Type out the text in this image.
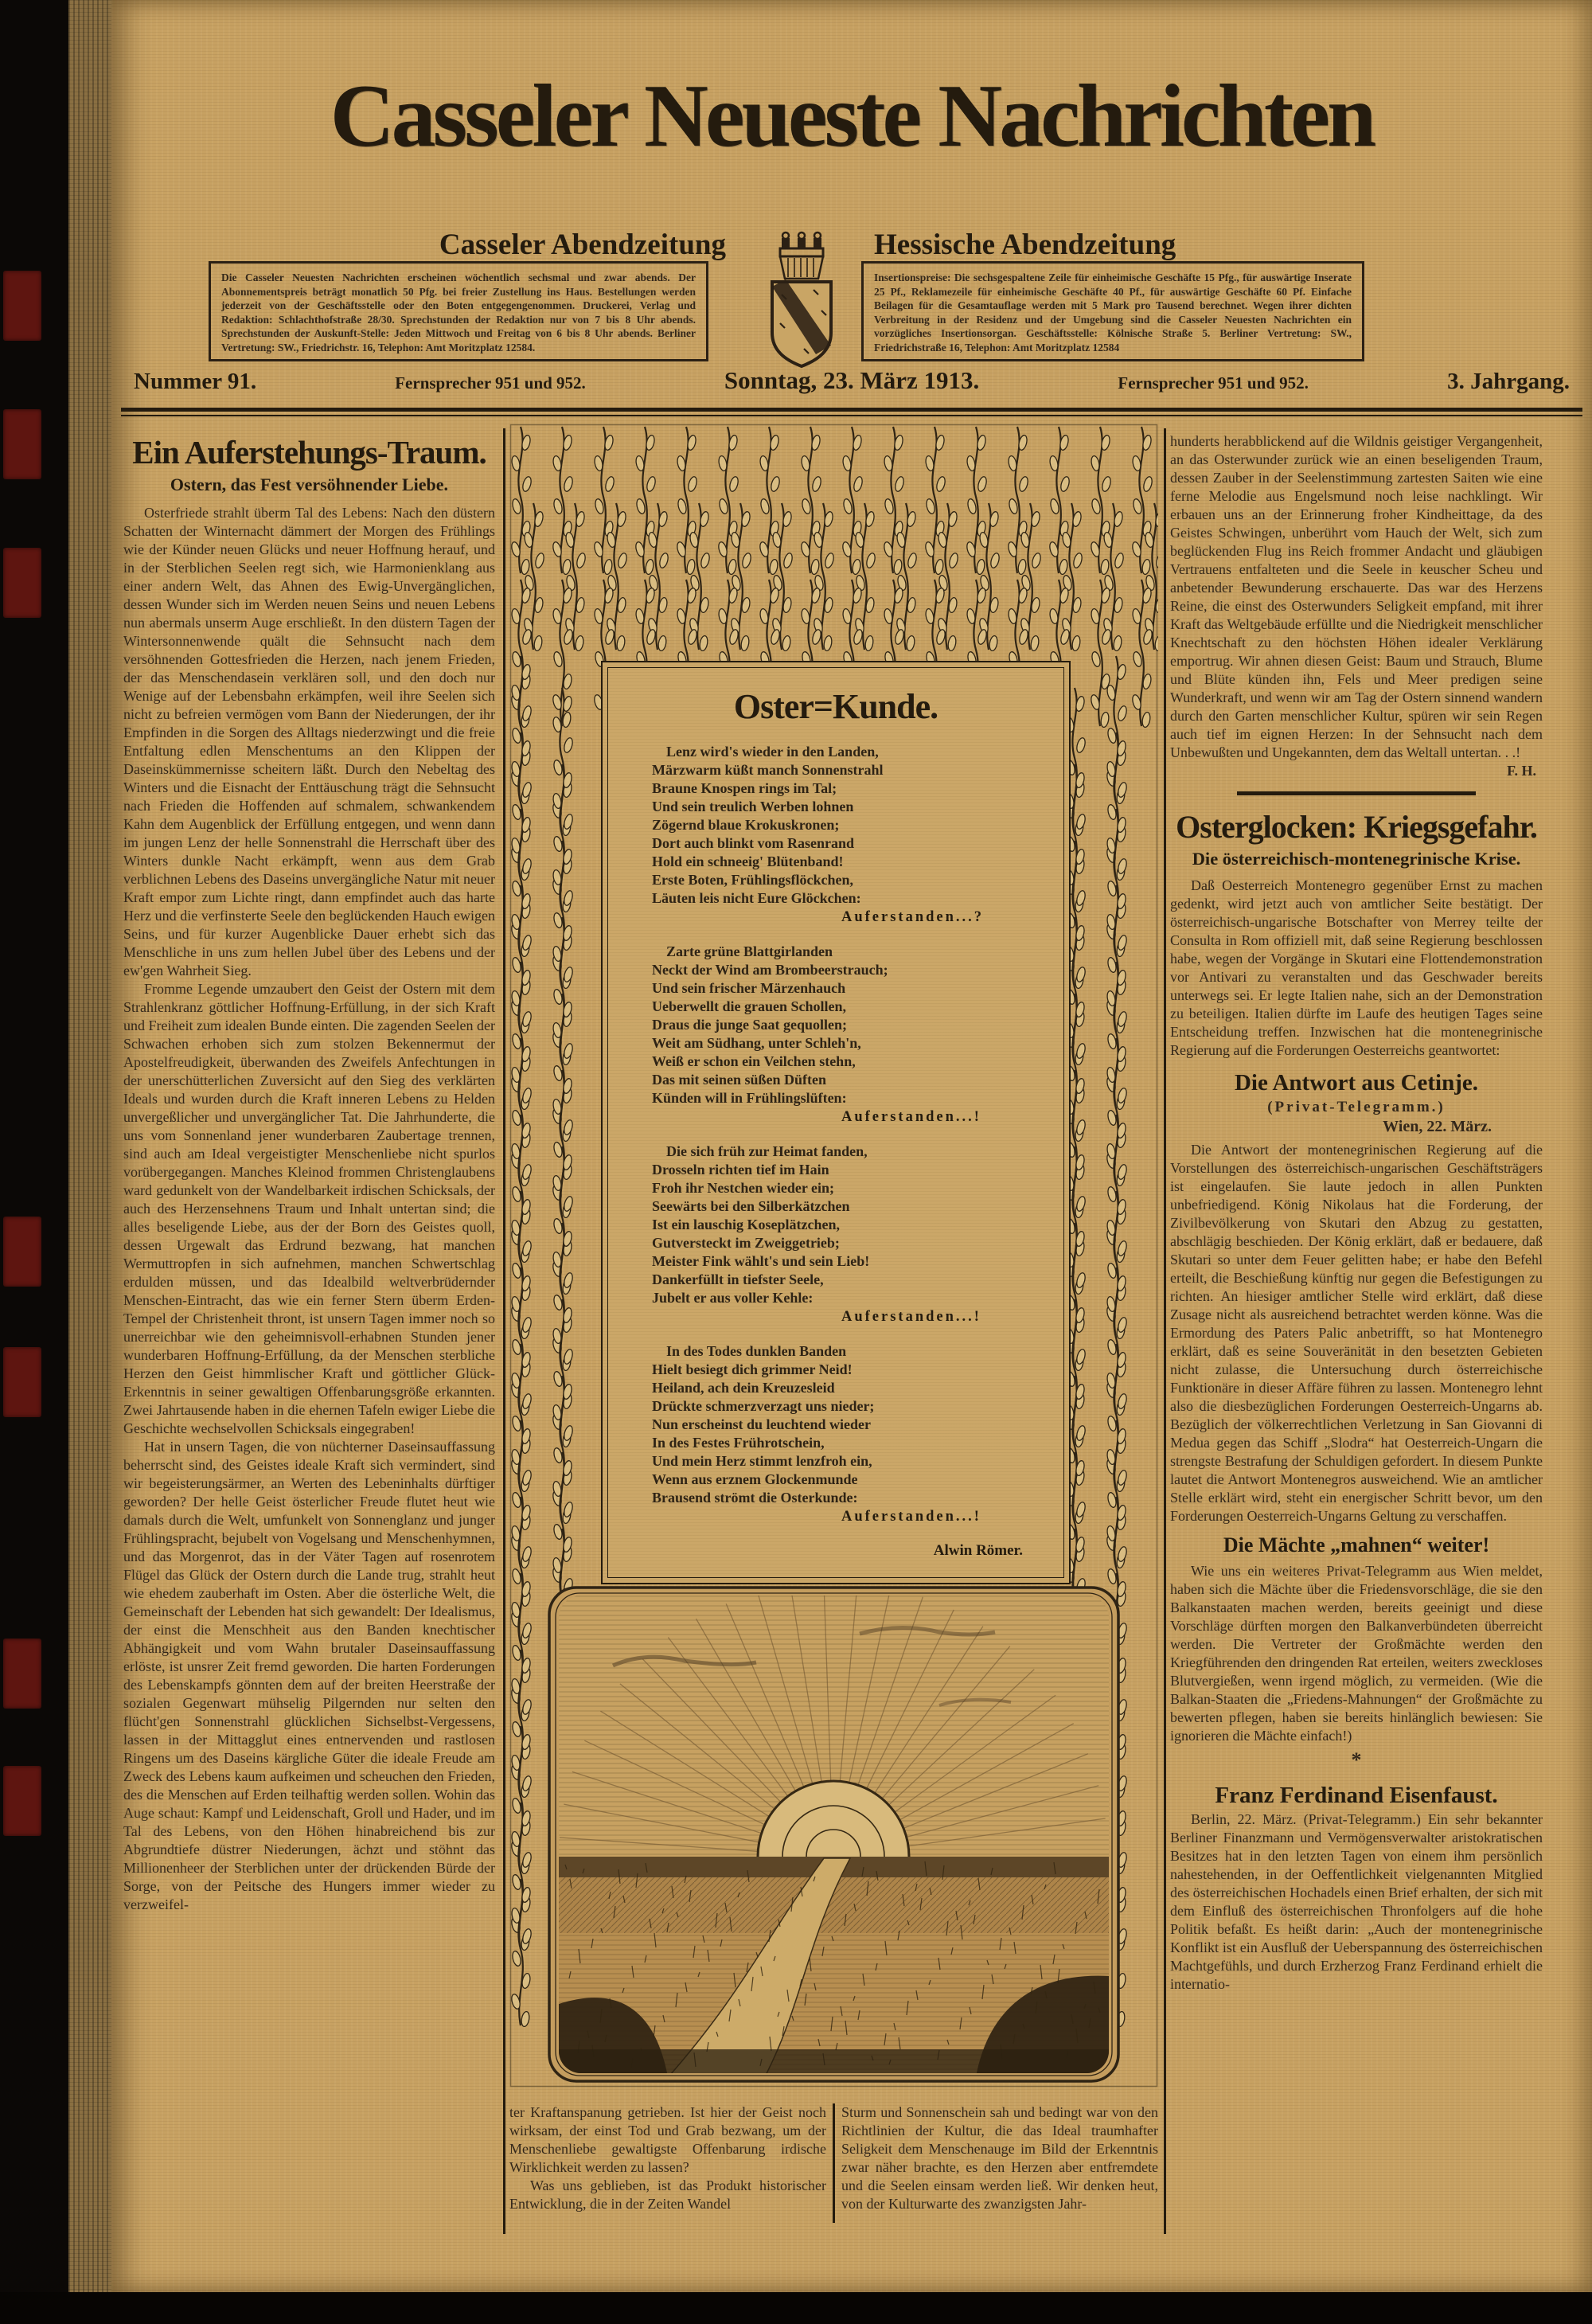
Casseler Neueste Nachrichten
Casseler Abendzeitung	Hessische Abendzeitung
Die Casseler Neuesten Nachrichten erscheinen wöchentlich sechsmal und zwar abends. Der Abonnementspreis beträgt monatlich 50 Pfg. bei freier Zustellung ins Haus. Bestellungen werden jederzeit von der Geschäftsstelle oder den Boten entgegengenommen. Druckerei, Verlag und Redaktion: Schlachthofstraße 28/30. Sprechstunden der Redaktion nur von 7 bis 8 Uhr abends. Sprechstunden der Auskunft-Stelle: Jeden Mittwoch und Freitag von 6 bis 8 Uhr abends. Berliner Vertretung: SW., Friedrichstr. 16, Telephon: Amt Moritzplatz 12584.
Insertionspreise: Die sechsgespaltene Zeile für einheimische Geschäfte 15 Pfg., für auswärtige Inserate 25 Pf., Reklamezeile für einheimische Geschäfte 40 Pf., für auswärtige Geschäfte 60 Pf. Einfache Beilagen für die Gesamtauflage werden mit 5 Mark pro Tausend berechnet. Wegen ihrer dichten Verbreitung in der Residenz und der Umgebung sind die Casseler Neuesten Nachrichten ein vorzügliches Insertionsorgan. Geschäftsstelle: Kölnische Straße 5. Berliner Vertretung: SW., Friedrichstraße 16, Telephon: Amt Moritzplatz 12584
Nummer 91.	Fernsprecher 951 und 952.	Sonntag, 23. März 1913.	Fernsprecher 951 und 952.	3. Jahrgang.
Ein Auferstehungs-Traum.
Ostern, das Fest versöhnender Liebe.

Osterfriede strahlt überm Tal des Lebens: Nach den düstern Schatten der Winternacht dämmert der Morgen des Frühlings wie der Künder neuen Glücks und neuer Hoffnung herauf, und in der Sterblichen Seelen regt sich, wie Harmonienklang aus einer andern Welt, das Ahnen des Ewig-Unvergänglichen, dessen Wunder sich im Werden neuen Seins und neuen Lebens nun abermals unserm Auge erschließt. In den düstern Tagen der Wintersonnenwende quält die Sehnsucht nach dem versöhnenden Gottesfrieden die Herzen, nach jenem Frieden, der das Menschendasein verklären soll, und den doch nur Wenige auf der Lebensbahn erkämpfen, weil ihre Seelen sich nicht zu befreien vermögen vom Bann der Niederungen, der ihr Empfinden in die Sorgen des Alltags niederzwingt und die freie Entfaltung edlen Menschentums an den Klippen der Daseinskümmernisse scheitern läßt. Durch den Nebeltag des Winters und die Eisnacht der Enttäuschung trägt die Sehnsucht nach Frieden die Hoffenden auf schmalem, schwankendem Kahn dem Augenblick der Erfüllung entgegen, und wenn dann im jungen Lenz der helle Sonnenstrahl die Herrschaft über des Winters dunkle Nacht erkämpft, wenn aus dem Grab verblichnen Lebens des Daseins unvergängliche Natur mit neuer Kraft empor zum Lichte ringt, dann empfindet auch das harte Herz und die verfinsterte Seele den beglückenden Hauch ewigen Seins, und für kurzer Augenblicke Dauer erhebt sich das Menschliche in uns zum hellen Jubel über des Lebens und der ew'gen Wahrheit Sieg.

Fromme Legende umzaubert den Geist der Ostern mit dem Strahlenkranz göttlicher Hoffnung-Erfüllung, in der sich Kraft und Freiheit zum idealen Bunde einten. Die zagenden Seelen der Schwachen erhoben sich zum stolzen Bekennermut der Apostelfreudigkeit, überwanden des Zweifels Anfechtungen in der unerschütterlichen Zuversicht auf den Sieg des verklärten Ideals und wurden durch die Kraft inneren Lebens zu Helden unvergeßlicher und unvergänglicher Tat. Die Jahrhunderte, die uns vom Sonnenland jener wunderbaren Zaubertage trennen, sind auch am Ideal vergeistigter Menschenliebe nicht spurlos vorübergegangen. Manches Kleinod frommen Christenglaubens ward gedunkelt von der Wandelbarkeit irdischen Schicksals, der auch des Herzensehnens Traum und Inhalt untertan sind; die alles beseligende Liebe, aus der der Born des Geistes quoll, dessen Urgewalt das Erdrund bezwang, hat manchen Wermuttropfen in sich aufnehmen, manchen Schwertschlag erdulden müssen, und das Idealbild weltverbrüdernder Menschen-Eintracht, das wie ein ferner Stern überm Erden-Tempel der Christenheit thront, ist unsern Tagen immer noch so unerreichbar wie den geheimnisvoll-erhabnen Stunden jener wunderbaren Hoffnung-Erfüllung, da der Menschen sterbliche Herzen den Geist himmlischer Kraft und göttlicher Glück-Erkenntnis in seiner gewaltigen Offenbarungsgröße erkannten. Zwei Jahrtausende haben in die ehernen Tafeln ewiger Liebe die Geschichte wechselvollen Schicksals eingegraben!

Hat in unsern Tagen, die von nüchterner Daseinsauffassung beherrscht sind, des Geistes ideale Kraft sich vermindert, sind wir begeisterungsärmer, an Werten des Lebeninhalts dürftiger geworden? Der helle Geist österlicher Freude flutet heut wie damals durch die Welt, umfunkelt von Sonnenglanz und junger Frühlingspracht, bejubelt von Vogelsang und Menschenhymnen, und das Morgenrot, das in der Väter Tagen auf rosenrotem Flügel das Glück der Ostern durch die Lande trug, strahlt heut wie ehedem zauberhaft im Osten. Aber die österliche Welt, die Gemeinschaft der Lebenden hat sich gewandelt: Der Idealismus, der einst die Menschheit aus den Banden knechtischer Abhängigkeit und vom Wahn brutaler Daseinsauffassung erlöste, ist unsrer Zeit fremd geworden. Die harten Forderungen des Lebenskampfs gönnten dem auf der breiten Heerstraße der sozialen Gegenwart mühselig Pilgernden nur selten den flücht'gen Sonnenstrahl glücklichen Sichselbst-Vergessens, lassen in der Mittagglut eines entnervenden und rastlosen Ringens um des Daseins kärgliche Güter die ideale Freude am Zweck des Lebens kaum aufkeimen und scheuchen den Frieden, des die Menschen auf Erden teilhaftig werden sollen. Wohin das Auge schaut: Kampf und Leidenschaft, Groll und Hader, und im Tal des Lebens, von den Höhen hinabreichend bis zur Abgrundtiefe düstrer Niederungen, ächzt und stöhnt das Millionenheer der Sterblichen unter der drückenden Bürde der Sorge, von der Peitsche des Hungers immer wieder zu verzweifel-

Oster=Kunde.
Lenz wird's wieder in den Landen,
Märzwarm küßt manch Sonnenstrahl
Braune Knospen rings im Tal;
Und sein treulich Werben lohnen
Zögernd blaue Krokuskronen;
Dort auch blinkt vom Rasenrand
Hold ein schneeig' Blütenband!
Erste Boten, Frühlingsflöckchen,
Läuten leis nicht Eure Glöckchen:
Auferstanden...?
Zarte grüne Blattgirlanden
Neckt der Wind am Brombeerstrauch;
Und sein frischer Märzenhauch
Ueberwellt die grauen Schollen,
Draus die junge Saat gequollen;
Weit am Südhang, unter Schleh'n,
Weiß er schon ein Veilchen stehn,
Das mit seinen süßen Düften
Künden will in Frühlingslüften:
Auferstanden...!
Die sich früh zur Heimat fanden,
Drosseln richten tief im Hain
Froh ihr Nestchen wieder ein;
Seewärts bei den Silberkätzchen
Ist ein lauschig Koseplätzchen,
Gutversteckt im Zweiggetrieb;
Meister Fink wählt's und sein Lieb!
Dankerfüllt in tiefster Seele,
Jubelt er aus voller Kehle:
Auferstanden...!
In des Todes dunklen Banden
Hielt besiegt dich grimmer Neid!
Heiland, ach dein Kreuzesleid
Drückte schmerzverzagt uns nieder;
Nun erscheinst du leuchtend wieder
In des Festes Frührotschein,
Und mein Herz stimmt lenzfroh ein,
Wenn aus erznem Glockenmunde
Brausend strömt die Osterkunde:
Auferstanden...!
Alwin Römer.

ter Kraftanspanung getrieben. Ist hier der Geist noch wirksam, der einst Tod und Grab bezwang, um der Menschenliebe gewaltigste Offenbarung irdische Wirklichkeit werden zu lassen?

Was uns geblieben, ist das Produkt historischer Entwicklung, die in der Zeiten Wandel

Sturm und Sonnenschein sah und bedingt war von den Richtlinien der Kultur, die das Ideal traumhafter Seligkeit dem Menschenauge im Bild der Erkenntnis zwar näher brachte, es den Herzen aber entfremdete und die Seelen einsam werden ließ. Wir denken heut, von der Kulturwarte des zwanzigsten Jahr-

hunderts herabblickend auf die Wildnis geistiger Vergangenheit, an das Osterwunder zurück wie an einen beseligenden Traum, dessen Zauber in der Seelenstimmung zartesten Saiten wie eine ferne Melodie aus Engelsmund noch leise nachklingt. Wir erbauen uns an der Erinnerung froher Kindheittage, da des Geistes Schwingen, unberührt vom Hauch der Welt, sich zum beglückenden Flug ins Reich frommer Andacht und gläubigen Vertrauens entfalteten und die Seele in keuscher Scheu und anbetender Bewunderung erschauerte. Das war des Herzens Reine, die einst des Osterwunders Seligkeit empfand, mit ihrer Kraft das Weltgebäude erfüllte und die Niedrigkeit menschlicher Knechtschaft zu den höchsten Höhen idealer Verklärung emportrug. Wir ahnen diesen Geist: Baum und Strauch, Blume und Blüte künden ihn, Fels und Meer predigen seine Wunderkraft, und wenn wir am Tag der Ostern sinnend wandern durch den Garten menschlicher Kultur, spüren wir sein Regen auch tief im eignen Herzen: In der Sehnsucht nach dem Unbewußten und Ungekannten, dem das Weltall untertan. . .!

F. H.
Osterglocken: Kriegsgefahr.
Die österreichisch-montenegrinische Krise.

Daß Oesterreich Montenegro gegenüber Ernst zu machen gedenkt, wird jetzt auch von amtlicher Seite bestätigt. Der österreichisch-ungarische Botschafter von Merrey teilte der Consulta in Rom offiziell mit, daß seine Regierung beschlossen habe, wegen der Vorgänge in Skutari eine Flottendemonstration vor Antivari zu veranstalten und das Geschwader bereits unterwegs sei. Er legte Italien nahe, sich an der Demonstration zu beteiligen. Italien dürfte im Laufe des heutigen Tages seine Entscheidung treffen. Inzwischen hat die montenegrinische Regierung auf die Forderungen Oesterreichs geantwortet:

Die Antwort aus Cetinje.
(Privat-Telegramm.)
Wien, 22. März.

Die Antwort der montenegrinischen Regierung auf die Vorstellungen des österreichisch-ungarischen Geschäftsträgers ist eingelaufen. Sie laute jedoch in allen Punkten unbefriedigend. König Nikolaus hat die Forderung, der Zivilbevölkerung von Skutari den Abzug zu gestatten, abschlägig beschieden. Der König erklärt, daß er bedauere, daß Skutari so unter dem Feuer gelitten habe; er habe den Befehl erteilt, die Beschießung künftig nur gegen die Befestigungen zu richten. An hiesiger amtlicher Stelle wird erklärt, daß diese Zusage nicht als ausreichend betrachtet werden könne. Was die Ermordung des Paters Palic anbetrifft, so hat Montenegro erklärt, daß es seine Souveränität in den besetzten Gebieten nicht zulasse, die Untersuchung durch österreichische Funktionäre in dieser Affäre führen zu lassen. Montenegro lehnt also die diesbezüglichen Forderungen Oesterreich-Ungarns ab. Bezüglich der völkerrechtlichen Verletzung in San Giovanni di Medua gegen das Schiff „Slodra“ hat Oesterreich-Ungarn die strengste Bestrafung der Schuldigen gefordert. In diesem Punkte lautet die Antwort Montenegros ausweichend. Wie an amtlicher Stelle erklärt wird, steht ein energischer Schritt bevor, um den Forderungen Oesterreich-Ungarns Geltung zu verschaffen.

Die Mächte „mahnen“ weiter!

Wie uns ein weiteres Privat-Telegramm aus Wien meldet, haben sich die Mächte über die Friedensvorschläge, die sie den Balkanstaaten machen werden, bereits geeinigt und diese Vorschläge dürften morgen den Balkanverbündeten überreicht werden. Die Vertreter der Großmächte werden den Kriegführenden den dringenden Rat erteilen, weiters zweckloses Blutvergießen, wenn irgend möglich, zu vermeiden. (Wie die Balkan-Staaten die „Friedens-Mahnungen“ der Großmächte zu bewerten pflegen, haben sie bereits hinlänglich bewiesen: Sie ignorieren die Mächte einfach!)

*
Franz Ferdinand Eisenfaust.

Berlin, 22. März. (Privat-Telegramm.) Ein sehr bekannter Berliner Finanzmann und Vermögensverwalter aristokratischen Besitzes hat in den letzten Tagen von einem ihm persönlich nahestehenden, in der Oeffentlichkeit vielgenannten Mitglied des österreichischen Hochadels einen Brief erhalten, der sich mit dem Einfluß des österreichischen Thronfolgers auf die hohe Politik befaßt. Es heißt darin: „Auch der montenegrinische Konflikt ist ein Ausfluß der Ueberspannung des österreichischen Machtgefühls, und durch Erzherzog Franz Ferdinand erhielt die internatio-
